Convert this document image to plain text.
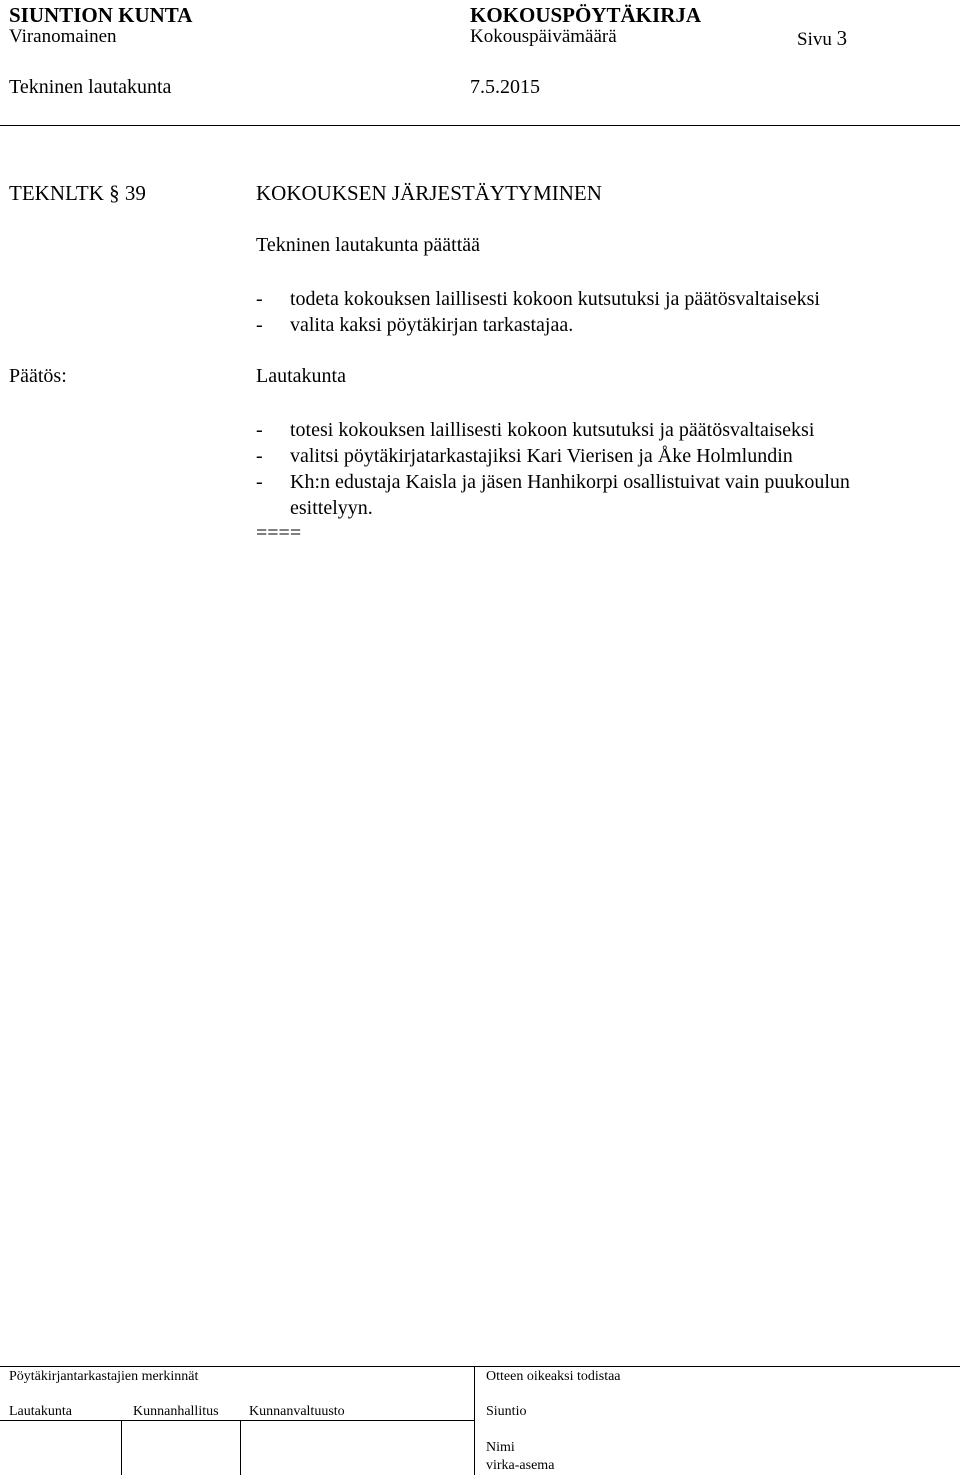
SIUNTION KUNTA	KOKOUSPÖYTÄKIRJA
Viranomainen	Kokouspäivämäärä	Sivu 3
Tekninen lautakunta	7.5.2015
TEKNLTK § 39	KOKOUKSEN JÄRJESTÄYTYMINEN
Tekninen lautakunta päättää
-	todeta kokouksen laillisesti kokoon kutsutuksi ja päätösvaltaiseksi
-	valita kaksi pöytäkirjan tarkastajaa.
Päätös:	Lautakunta
-	totesi kokouksen laillisesti kokoon kutsutuksi ja päätösvaltaiseksi
-	valitsi pöytäkirjatarkastajiksi Kari Vierisen ja Åke Holmlundin
-	Kh:n edustaja Kaisla ja jäsen Hanhikorpi osallistuivat vain puukoulun esittelyyn.
====
Pöytäkirjantarkastajien merkinnät	Otteen oikeaksi todistaa
Lautakunta	Kunnanhallitus Kunnanvaltuusto	Siuntio
Nimi
virka-asema
